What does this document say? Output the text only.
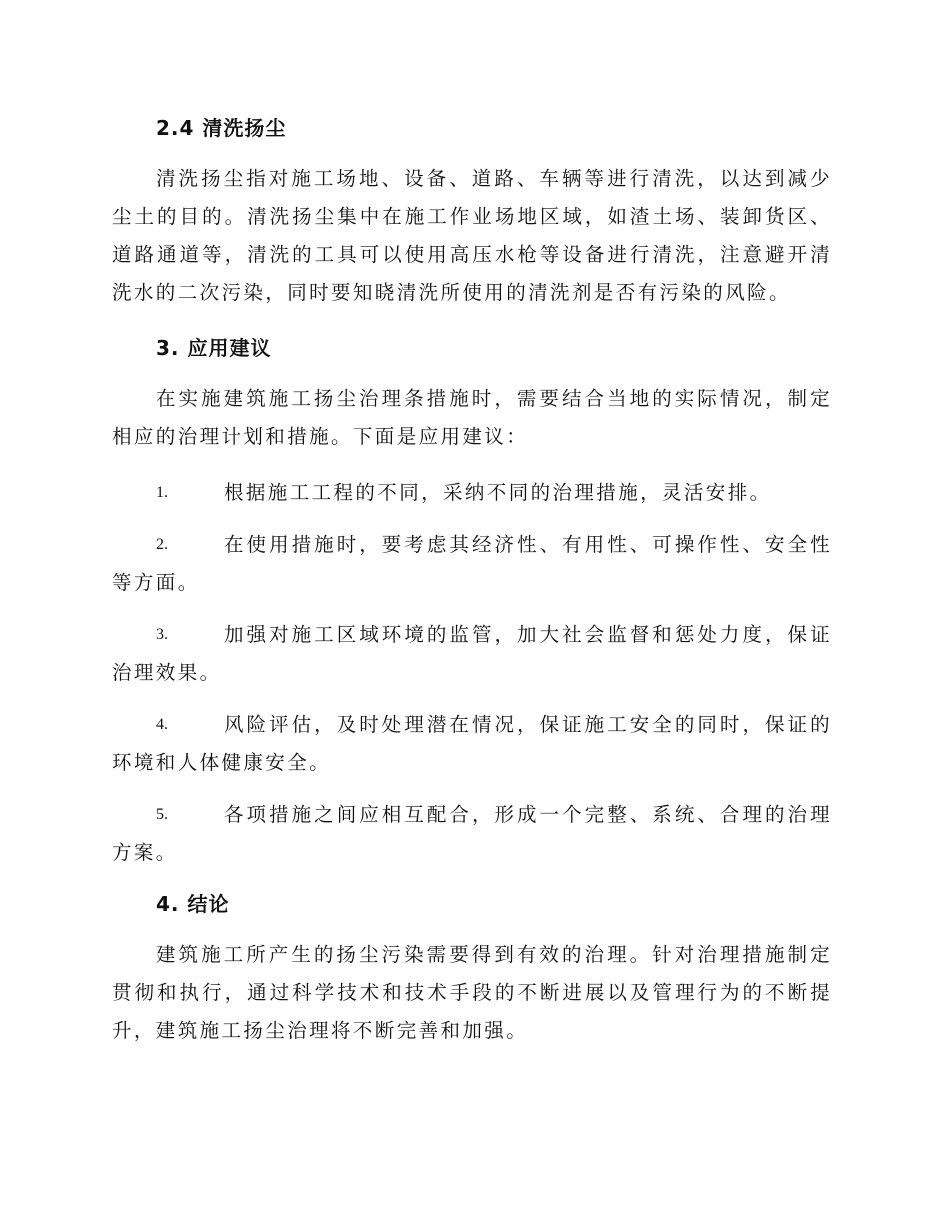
2.4 清洗扬尘

清洗扬尘指对施工场地、设备、道路、车辆等进行清洗，以达到减少尘土的目的。清洗扬尘集中在施工作业场地区域，如渣土场、装卸货区、道路通道等，清洗的工具可以使用高压水枪等设备进行清洗，注意避开清洗水的二次污染，同时要知晓清洗所使用的清洗剂是否有污染的风险。

3. 应用建议

在实施建筑施工扬尘治理条措施时，需要结合当地的实际情况，制定相应的治理计划和措施。下面是应用建议：

1.	根据施工工程的不同，采纳不同的治理措施，灵活安排。
2.	在使用措施时，要考虑其经济性、有用性、可操作性、安全性等方面。
3.	加强对施工区域环境的监管，加大社会监督和惩处力度，保证治理效果。
4.	风险评估，及时处理潜在情况，保证施工安全的同时，保证的环境和人体健康安全。
5.	各项措施之间应相互配合，形成一个完整、系统、合理的治理方案。
4. 结论

建筑施工所产生的扬尘污染需要得到有效的治理。针对治理措施制定贯彻和执行，通过科学技术和技术手段的不断进展以及管理行为的不断提升，建筑施工扬尘治理将不断完善和加强。
